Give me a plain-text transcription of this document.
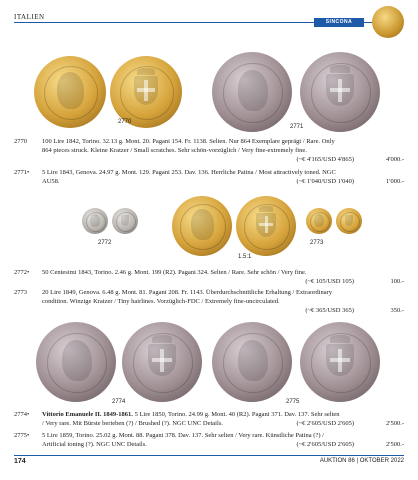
ITALIEN
SINCONA
2770
2771
2770	100 Lire 1842, Torino. 32.13 g. Mont. 20. Pagani 154. Fr. 1138. Selten. Nur 864 Exemplare geprägt / Rare. Only 864 pieces struck. Kleine Kratzer / Small scratches. Sehr schön-vorzüglich / Very fine-extremely fine.
(~€ 4'165/USD 4'865)	4'000.-
2771•	5 Lire 1843, Genova. 24.97 g. Mont. 129. Pagani 253. Dav. 136. Herrliche Patina / Most attractively toned. NGC AU58.	(~€ 1'040/USD 1'040)	1'000.-
2772
1.5:1
2773
2772•	50 Centesimi 1843, Torino. 2.46 g. Mont. 199 (R2). Pagani 324. Selten / Rare. Sehr schön / Very fine.
(~€ 105/USD 105)	100.-
2773	20 Lire 1849, Genova. 6.48 g. Mont. 81. Pagani 208. Fr. 1143. Überdurchschnittliche Erhaltung / Extraordinary condition. Winzige Kratzer / Tiny hairlines. Vorzüglich-FDC / Extremely fine-uncirculated.
(~€ 365/USD 365)	350.-
2774	2775
2774•	Vittorio Emanuele II. 1849-1861. 5 Lire 1850, Torino. 24.99 g. Mont. 40 (R2). Pagani 371. Dav. 137. Sehr selten / Very rare. Mit Bürste berieben (?) / Brushed (?). NGC UNC Details.	(~€ 2'605/USD 2'605)	2'500.-
2775•	5 Lire 1859, Torino. 25.02 g. Mont. 88. Pagani 378. Dav. 137. Sehr selten / Very rare. Künstliche Patina (?) / Artificial toning (?). NGC UNC Details.	(~€ 2'605/USD 2'605)	2'500.-
174	AUKTION 86 | OKTOBER 2022
